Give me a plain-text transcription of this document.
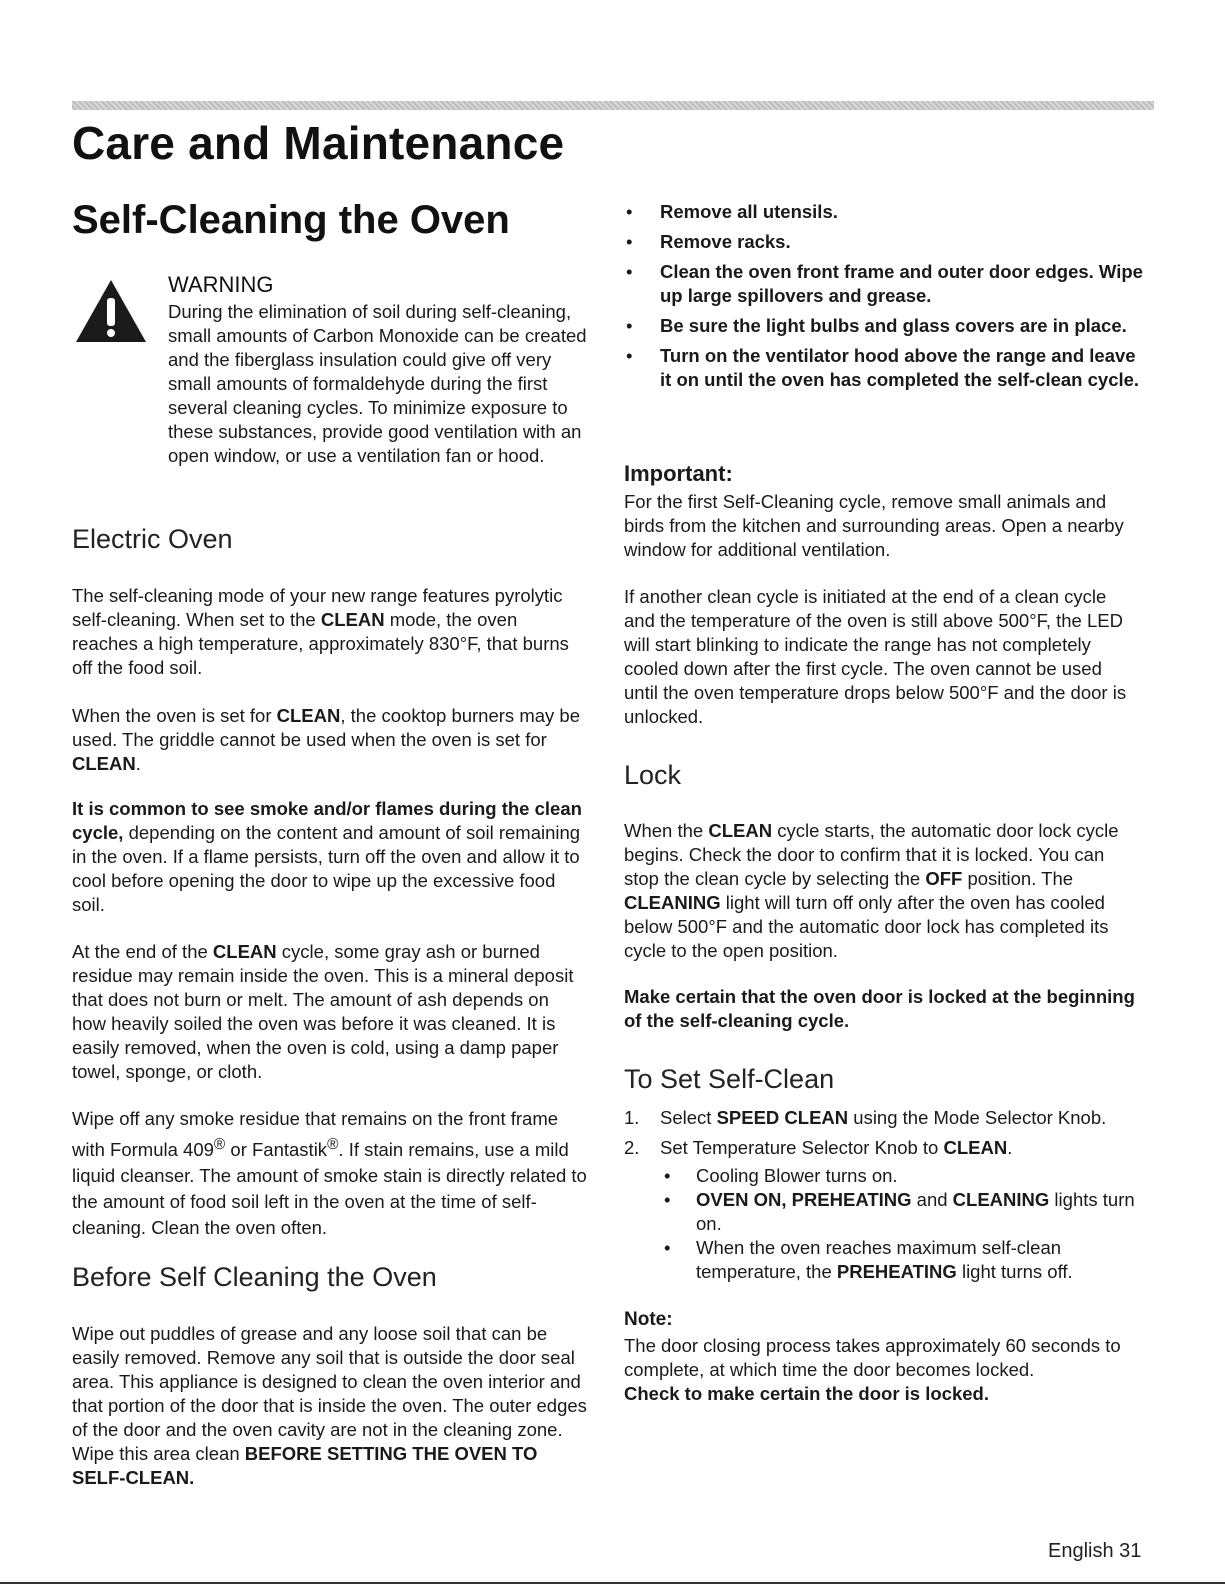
Care and Maintenance
Self-Cleaning the Oven

WARNING

During the elimination of soil during self-cleaning, small amounts of Carbon Monoxide can be created and the fiberglass insulation could give off very small amounts of formaldehyde during the first several cleaning cycles. To minimize exposure to these substances, provide good ventilation with an open window, or use a ventilation fan or hood.

Electric Oven

The self-cleaning mode of your new range features pyrolytic self-cleaning. When set to the CLEAN mode, the oven reaches a high temperature, approximately 830°F, that burns off the food soil.

When the oven is set for CLEAN, the cooktop burners may be used. The griddle cannot be used when the oven is set for CLEAN.

It is common to see smoke and/or flames during the clean cycle, depending on the content and amount of soil remaining in the oven. If a flame persists, turn off the oven and allow it to cool before opening the door to wipe up the excessive food soil.

At the end of the CLEAN cycle, some gray ash or burned residue may remain inside the oven. This is a mineral deposit that does not burn or melt. The amount of ash depends on how heavily soiled the oven was before it was cleaned. It is easily removed, when the oven is cold, using a damp paper towel, sponge, or cloth.

Wipe off any smoke residue that remains on the front frame with Formula 409® or Fantastik®. If stain remains, use a mild liquid cleanser. The amount of smoke stain is directly related to the amount of food soil left in the oven at the time of self-cleaning. Clean the oven often.

Before Self Cleaning the Oven

Wipe out puddles of grease and any loose soil that can be easily removed. Remove any soil that is outside the door seal area. This appliance is designed to clean the oven interior and that portion of the door that is inside the oven. The outer edges of the door and the oven cavity are not in the cleaning zone. Wipe this area clean BEFORE SETTING THE OVEN TO SELF-CLEAN.

• Remove all utensils.
• Remove racks.
• Clean the oven front frame and outer door edges. Wipe up large spillovers and grease.
• Be sure the light bulbs and glass covers are in place.
• Turn on the ventilator hood above the range and leave it on until the oven has completed the self-clean cycle.
Important:

For the first Self-Cleaning cycle, remove small animals and birds from the kitchen and surrounding areas. Open a nearby window for additional ventilation.

If another clean cycle is initiated at the end of a clean cycle and the temperature of the oven is still above 500°F, the LED will start blinking to indicate the range has not completely cooled down after the first cycle. The oven cannot be used until the oven temperature drops below 500°F and the door is unlocked.

Lock

When the CLEAN cycle starts, the automatic door lock cycle begins. Check the door to confirm that it is locked. You can stop the clean cycle by selecting the OFF position. The CLEANING light will turn off only after the oven has cooled below 500°F and the automatic door lock has completed its cycle to the open position.

Make certain that the oven door is locked at the beginning of the self-cleaning cycle.

To Set Self-Clean
1. Select SPEED CLEAN using the Mode Selector Knob.
2. Set Temperature Selector Knob to CLEAN.
• Cooling Blower turns on.
• OVEN ON, PREHEATING and CLEANING lights turn on.
• When the oven reaches maximum self-clean temperature, the PREHEATING light turns off.
Note:

The door closing process takes approximately 60 seconds to complete, at which time the door becomes locked.
Check to make certain the door is locked.

English 31
